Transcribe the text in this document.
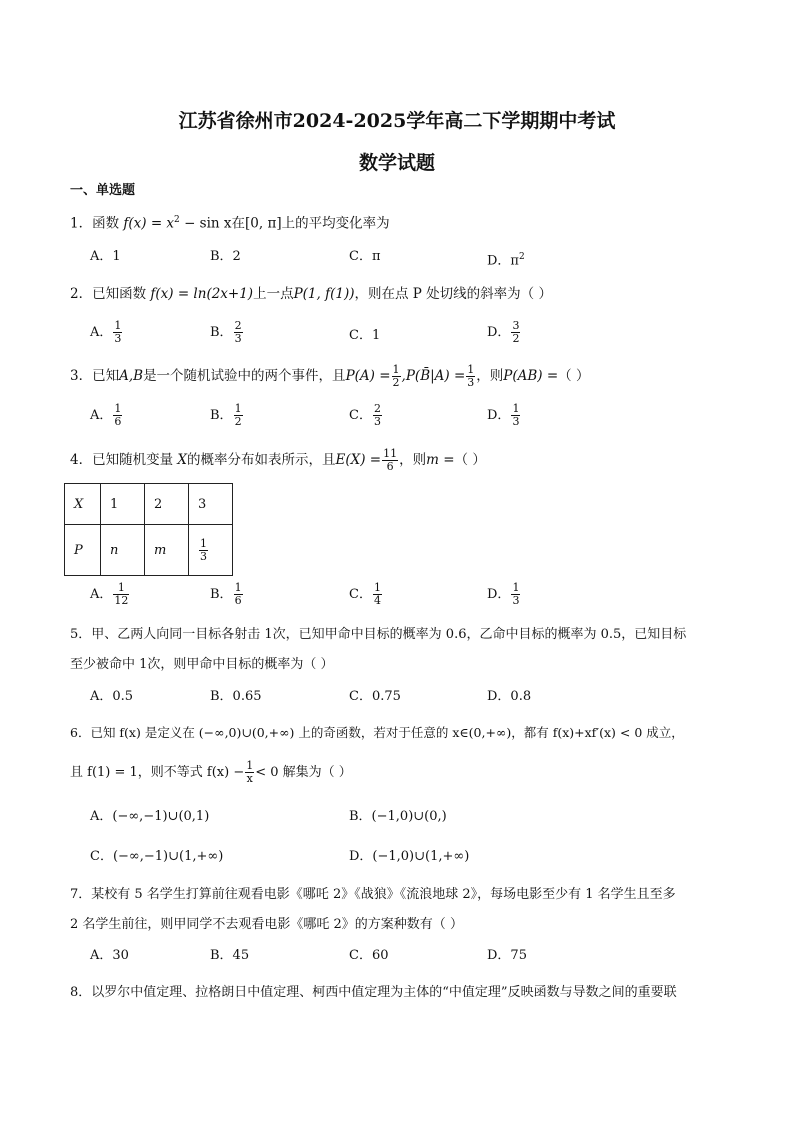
江苏省徐州市2024-2025学年高二下学期期中考试
数学试题
一、单选题
1．函数 $f(x) = x^2 - \sin x$在[0, π]上的平均变化率为
A．1	B．2	C．π	D．$\pi^2$
2．已知函数 f(x) = ln(2x+1)上一点P(1, f(1))，则在点 P 处切线的斜率为（ ）
A． $\frac{1}{3}$	B． $\frac{2}{3}$	C．1	D． $\frac{3}{2}$
3．已知A,B是一个随机试验中的两个事件，且$P(A) = \frac{1}{2}$ ,P(B̄|A) = $\frac{1}{3}$ ，则P(AB) =（ ）
A． $\frac{1}{6}$	B． $\frac{1}{2}$	C． $\frac{2}{3}$	D． $\frac{1}{3}$
4．已知随机变量 X的概率分布如表所示，且$E(X) = \frac{11}{6}$ ，则m =（ ）
X	1	2	3
P	n	m	$\frac{1}{3}$
A． $\frac{1}{12}$	B． $\frac{1}{6}$	C． $\frac{1}{4}$	D． $\frac{1}{3}$
5．甲、乙两人向同一目标各射击 1次，已知甲命中目标的概率为 0.6，乙命中目标的概率为 0.5，已知目标
至少被命中 1次，则甲命中目标的概率为（ ）
A．0.5	B．0.65	C．0.75	D．0.8
6．已知 f(x) 是定义在 (−∞,0)∪(0,+∞) 上的奇函数，若对于任意的 x∈(0,+∞)，都有 f(x)+xf′(x) < 0 成立，
且 f(1) = 1，则不等式 $f(x) - \frac{1}{x} < 0$ 解集为（ ）
A．(−∞,−1)∪(0,1)	B．(−1,0)∪(0,)
C．(−∞,−1)∪(1,+∞)	D．(−1,0)∪(1,+∞)
7．某校有 5 名学生打算前往观看电影《哪吒 2》《战狼》《流浪地球 2》，每场电影至少有 1 名学生且至多
2 名学生前往，则甲同学不去观看电影《哪吒 2》的方案种数有（ ）
A．30	B．45	C．60	D．75
8．以罗尔中值定理、拉格朗日中值定理、柯西中值定理为主体的“中值定理”反映函数与导数之间的重要联
